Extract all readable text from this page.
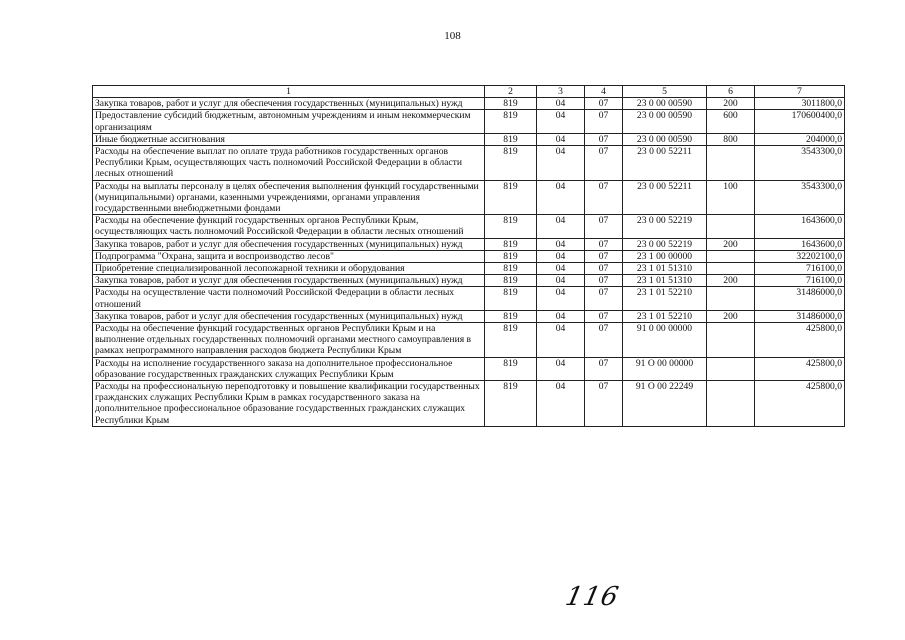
108
1	2	3	4	5	6	7
Закупка товаров, работ и услуг для обеспечения государственных (муниципальных) нужд	819	04	07	23 0 00 00590	200	3011800,0
Предоставление субсидий бюджетным, автономным учреждениям и иным некоммерческим организациям	819	04	07	23 0 00 00590	600	170600400,0
Иные бюджетные ассигнования	819	04	07	23 0 00 00590	800	204000,0
Расходы на обеспечение выплат по оплате труда работников государственных органов Республики Крым, осуществляющих часть полномочий Российской Федерации в области лесных отношений	819	04	07	23 0 00 52211		3543300,0
Расходы на выплаты персоналу в целях обеспечения выполнения функций государственными (муниципальными) органами, казенными учреждениями, органами управления государственными внебюджетными фондами	819	04	07	23 0 00 52211	100	3543300,0
Расходы на обеспечение функций государственных органов Республики Крым, осуществляющих часть полномочий Российской Федерации в области лесных отношений	819	04	07	23 0 00 52219		1643600,0
Закупка товаров, работ и услуг для обеспечения государственных (муниципальных) нужд	819	04	07	23 0 00 52219	200	1643600,0
Подпрограмма "Охрана, защита и воспроизводство лесов"	819	04	07	23 1 00 00000		32202100,0
Приобретение специализированной лесопожарной техники и оборудования	819	04	07	23 1 01 51310		716100,0
Закупка товаров, работ и услуг для обеспечения государственных (муниципальных) нужд	819	04	07	23 1 01 51310	200	716100,0
Расходы на осуществление части полномочий Российской Федерации в области лесных отношений	819	04	07	23 1 01 52210		31486000,0
Закупка товаров, работ и услуг для обеспечения государственных (муниципальных) нужд	819	04	07	23 1 01 52210	200	31486000,0
Расходы на обеспечение функций государственных органов Республики Крым и на выполнение отдельных государственных полномочий органами местного самоуправления в рамках непрограммного направления расходов бюджета Республики Крым	819	04	07	91 0 00 00000		425800,0
Расходы на исполнение государственного заказа на дополнительное профессиональное образование государственных гражданских служащих Республики Крым	819	04	07	91 О 00 00000		425800,0
Расходы на профессиональную переподготовку и повышение квалификации государственных гражданских служащих Республики Крым в рамках государственного заказа на дополнительное профессиональное образование государственных гражданских служащих Республики Крым	819	04	07	91 О 00 22249		425800,0
116
